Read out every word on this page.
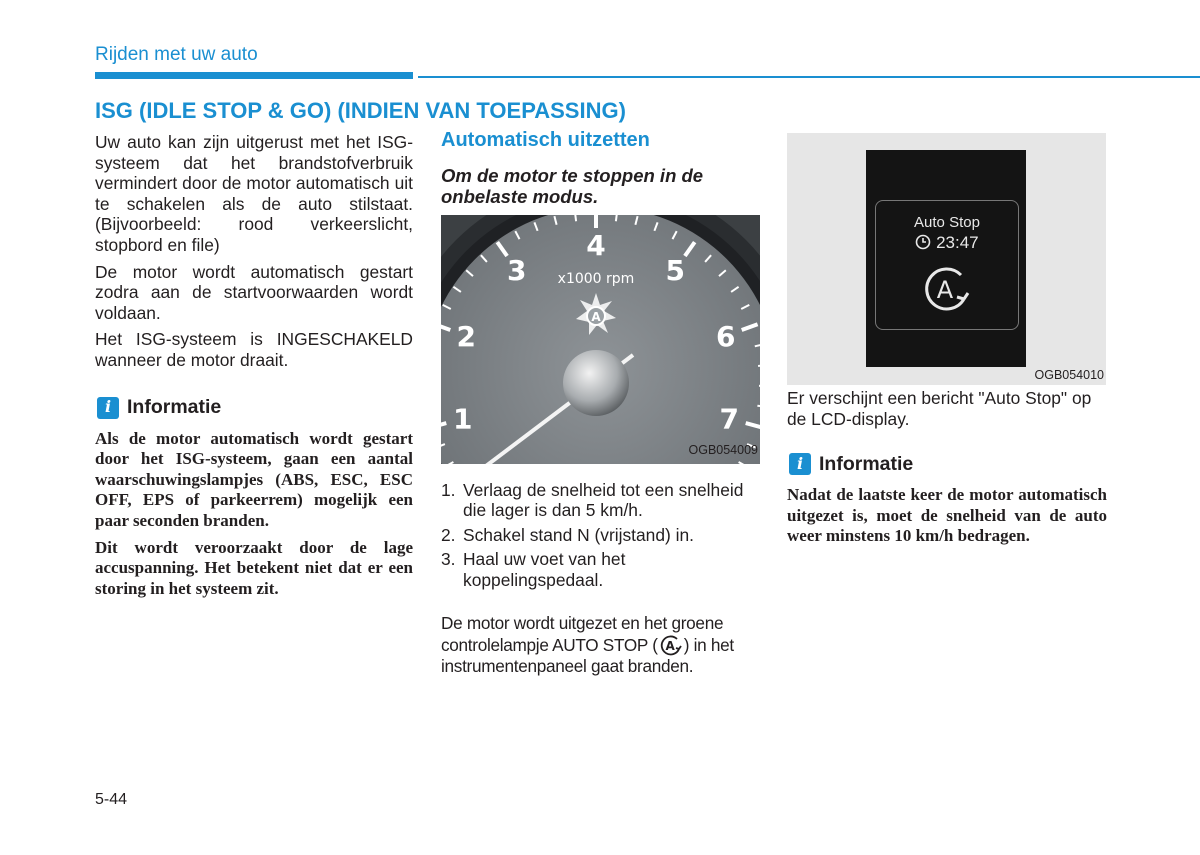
Rijden met uw auto
ISG (IDLE STOP & GO) (INDIEN VAN TOEPASSING)

Uw auto kan zijn uitgerust met het ISG-systeem dat het brandstofverbruik vermindert door de motor automatisch uit te schakelen als de auto stilstaat. (Bijvoorbeeld: rood verkeerslicht, stopbord en file)

De motor wordt automatisch gestart zodra aan de startvoorwaarden wordt voldaan.

Het ISG-systeem is INGESCHAKELD wanneer de motor draait.

i Informatie

Als de motor automatisch wordt gestart door het ISG-systeem, gaan een aantal waarschuwingslampjes (ABS, ESC, ESC OFF, EPS of parkeerrem) mogelijk een paar seconden branden.

Dit wordt veroorzaakt door de lage accuspanning. Het betekent niet dat er een storing in het systeem zit.

Automatisch uitzetten
Om de motor te stoppen in de onbelaste modus.
1
2
3
4
5
6
7
x1000 rpm
A
OGB054009
1. Verlaag de snelheid tot een snelheid die lager is dan 5 km/h.
2. Schakel stand N (vrijstand) in.
3. Haal uw voet van het koppelingspedaal.
De motor wordt uitgezet en het groene controlelampje AUTO STOP ( A ) in het instrumentenpaneel gaat branden.
Auto Stop
23:47
A
OGB054010

Er verschijnt een bericht "Auto Stop" op de LCD-display.

i Informatie

Nadat de laatste keer de motor automatisch uitgezet is, moet de snelheid van de auto weer minstens 10 km/h bedragen.

5-44
